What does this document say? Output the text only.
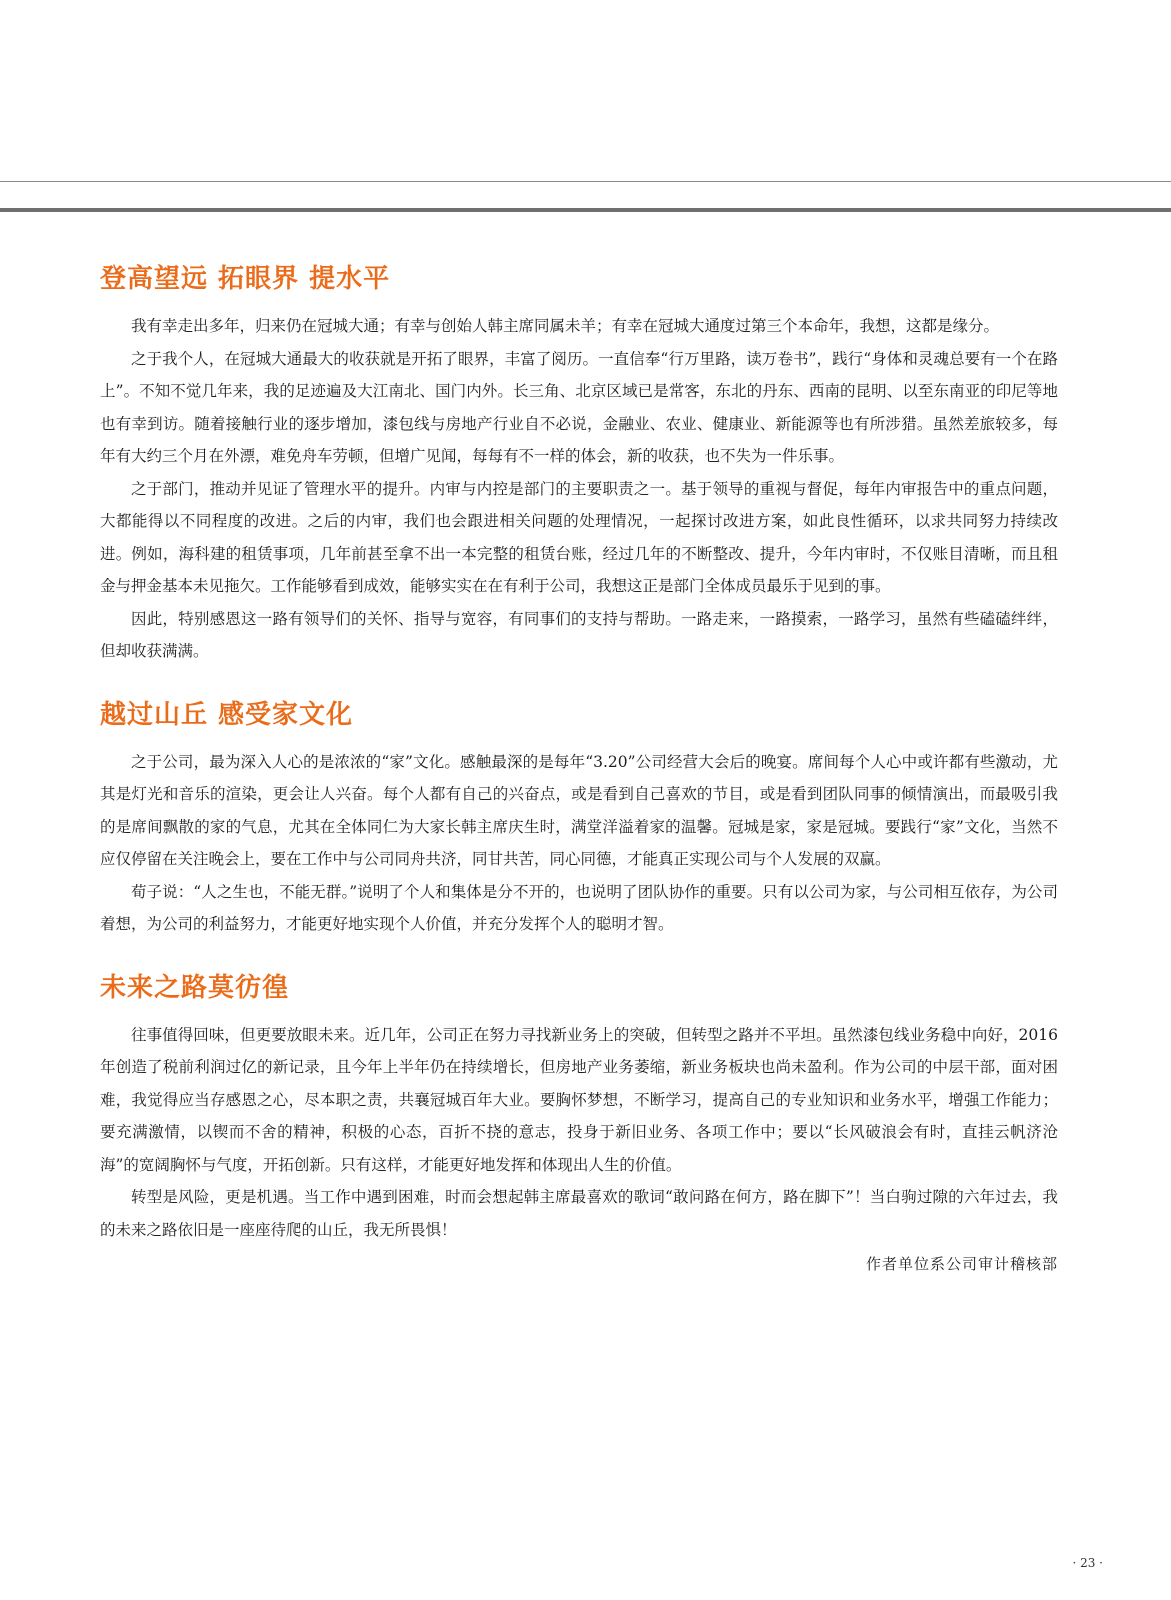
登高望远 拓眼界 提水平

我有幸走出多年，归来仍在冠城大通；有幸与创始人韩主席同属未羊；有幸在冠城大通度过第三个本命年，我想，这都是缘分。

之于我个人，在冠城大通最大的收获就是开拓了眼界，丰富了阅历。一直信奉“行万里路，读万卷书”，践行“身体和灵魂总要有一个在路上”。不知不觉几年来，我的足迹遍及大江南北、国门内外。长三角、北京区域已是常客，东北的丹东、西南的昆明、以至东南亚的印尼等地也有幸到访。随着接触行业的逐步增加，漆包线与房地产行业自不必说，金融业、农业、健康业、新能源等也有所涉猎。虽然差旅较多，每年有大约三个月在外漂，难免舟车劳顿，但增广见闻，每每有不一样的体会，新的收获，也不失为一件乐事。

之于部门，推动并见证了管理水平的提升。内审与内控是部门的主要职责之一。基于领导的重视与督促，每年内审报告中的重点问题，大都能得以不同程度的改进。之后的内审，我们也会跟进相关问题的处理情况，一起探讨改进方案，如此良性循环，以求共同努力持续改进。例如，海科建的租赁事项，几年前甚至拿不出一本完整的租赁台账，经过几年的不断整改、提升，今年内审时，不仅账目清晰，而且租金与押金基本未见拖欠。工作能够看到成效，能够实实在在有利于公司，我想这正是部门全体成员最乐于见到的事。

因此，特别感恩这一路有领导们的关怀、指导与宽容，有同事们的支持与帮助。一路走来，一路摸索，一路学习，虽然有些磕磕绊绊，但却收获满满。

越过山丘 感受家文化

之于公司，最为深入人心的是浓浓的“家”文化。感触最深的是每年“3.20”公司经营大会后的晚宴。席间每个人心中或许都有些激动，尤其是灯光和音乐的渲染，更会让人兴奋。每个人都有自己的兴奋点，或是看到自己喜欢的节目，或是看到团队同事的倾情演出，而最吸引我的是席间飘散的家的气息，尤其在全体同仁为大家长韩主席庆生时，满堂洋溢着家的温馨。冠城是家，家是冠城。要践行“家”文化，当然不应仅停留在关注晚会上，要在工作中与公司同舟共济，同甘共苦，同心同德，才能真正实现公司与个人发展的双赢。

荀子说：“人之生也，不能无群。”说明了个人和集体是分不开的，也说明了团队协作的重要。只有以公司为家，与公司相互依存，为公司着想，为公司的利益努力，才能更好地实现个人价值，并充分发挥个人的聪明才智。

未来之路莫彷徨

往事值得回味，但更要放眼未来。近几年，公司正在努力寻找新业务上的突破，但转型之路并不平坦。虽然漆包线业务稳中向好，2016年创造了税前利润过亿的新记录，且今年上半年仍在持续增长，但房地产业务萎缩，新业务板块也尚未盈利。作为公司的中层干部，面对困难，我觉得应当存感恩之心，尽本职之责，共襄冠城百年大业。要胸怀梦想，不断学习，提高自己的专业知识和业务水平，增强工作能力；要充满激情，以锲而不舍的精神，积极的心态，百折不挠的意志，投身于新旧业务、各项工作中；要以“长风破浪会有时，直挂云帆济沧海”的宽阔胸怀与气度，开拓创新。只有这样，才能更好地发挥和体现出人生的价值。

转型是风险，更是机遇。当工作中遇到困难，时而会想起韩主席最喜欢的歌词“敢问路在何方，路在脚下”！当白驹过隙的六年过去，我的未来之路依旧是一座座待爬的山丘，我无所畏惧！

作者单位系公司审计稽核部
· 23 ·
